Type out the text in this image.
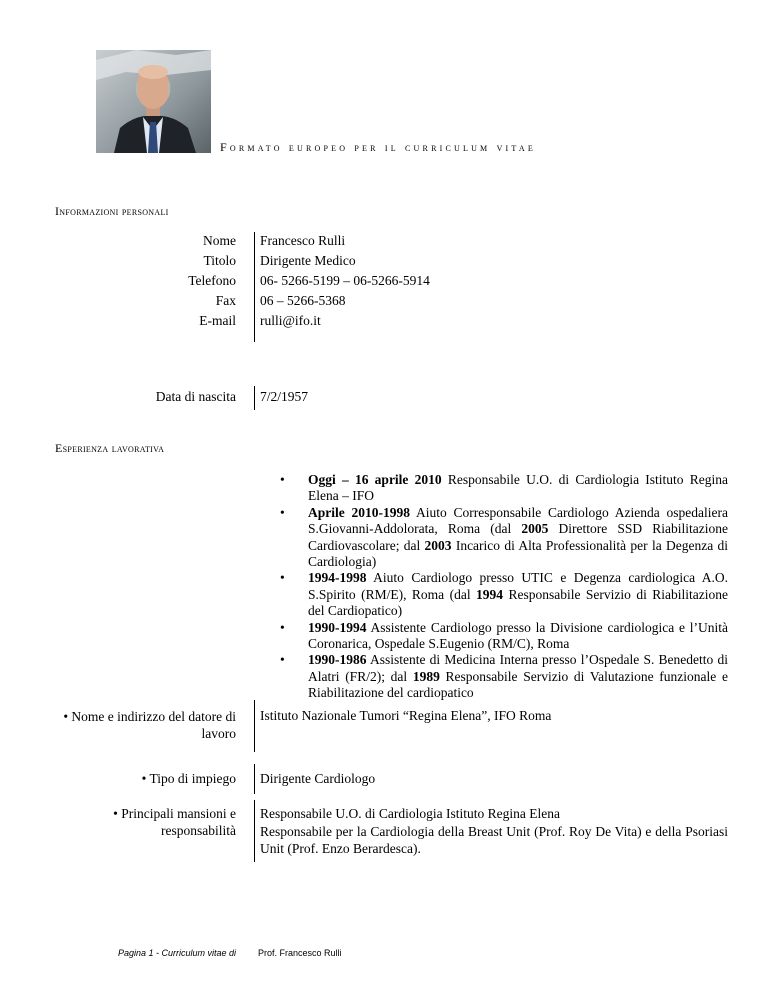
Formato europeo per il curriculum vitae
Informazioni personali
Nome Francesco Rulli
Titolo Dirigente Medico
Telefono 06- 5266-5199 – 06-5266-5914
Fax 06 – 5266-5368
E-mail rulli@ifo.it
Data di nascita 7/2/1957
Esperienza lavorativa
• Oggi – 16 aprile 2010 Responsabile U.O. di Cardiologia Istituto Regina Elena – IFO
• Aprile 2010-1998 Aiuto Corresponsabile Cardiologo Azienda ospedaliera S.Giovanni-Addolorata, Roma (dal 2005 Direttore SSD Riabilitazione Cardiovascolare; dal 2003 Incarico di Alta Professionalità per la Degenza di Cardiologia)
• 1994-1998 Aiuto Cardiologo presso UTIC e Degenza cardiologica A.O. S.Spirito (RM/E), Roma (dal 1994 Responsabile Servizio di Riabilitazione del Cardiopatico)
• 1990-1994 Assistente Cardiologo presso la Divisione cardiologica e l’Unità Coronarica, Ospedale S.Eugenio (RM/C), Roma
• 1990-1986 Assistente di Medicina Interna presso l’Ospedale S. Benedetto di Alatri (FR/2); dal 1989 Responsabile Servizio di Valutazione funzionale e Riabilitazione del cardiopatico
• Nome e indirizzo del datore di lavoro
Istituto Nazionale Tumori “Regina Elena”, IFO Roma
• Tipo di impiego Dirigente Cardiologo
• Principali mansioni e responsabilità
Responsabile U.O. di Cardiologia Istituto Regina Elena
Responsabile per la Cardiologia della Breast Unit (Prof. Roy De Vita) e della Psoriasi Unit (Prof. Enzo Berardesca).
Pagina 1 - Curriculum vitae di Prof. Francesco Rulli
